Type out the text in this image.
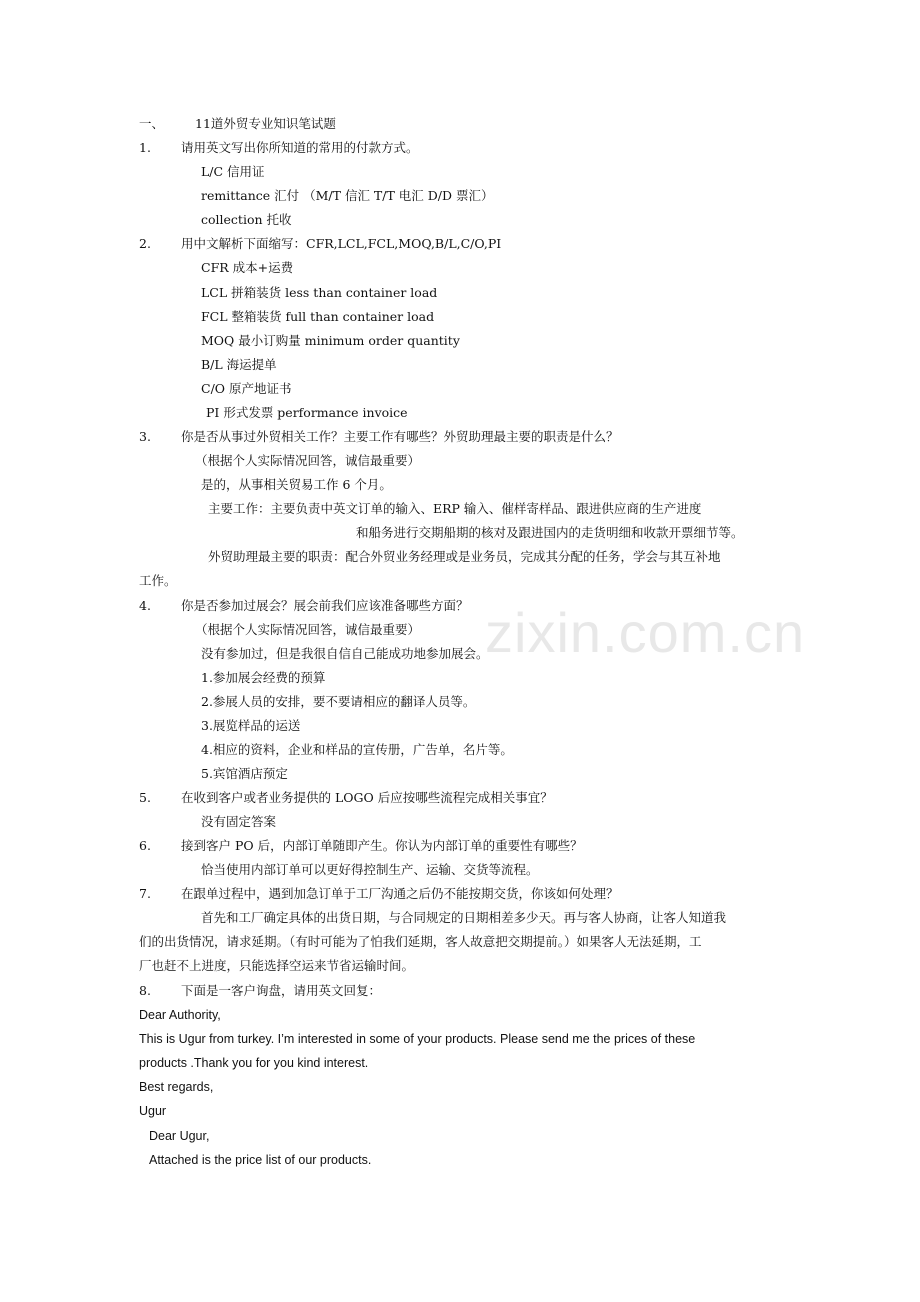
zixin.com.cn
一、 11道外贸专业知识笔试题
1. 请用英文写出你所知道的常用的付款方式。
L/C 信用证
remittance 汇付 （M/T 信汇 T/T 电汇 D/D 票汇）
collection 托收
2. 用中文解析下面缩写：CFR,LCL,FCL,MOQ,B/L,C/O,PI
CFR 成本+运费
LCL 拼箱装货 less than container load
FCL 整箱装货 full than container load
MOQ 最小订购量 minimum order quantity
B/L 海运提单
C/O 原产地证书
PI 形式发票 performance invoice
3. 你是否从事过外贸相关工作？主要工作有哪些？外贸助理最主要的职责是什么？
（根据个人实际情况回答，诚信最重要）
是的，从事相关贸易工作 6 个月。
主要工作：主要负责中英文订单的输入、ERP 输入、催样寄样品、跟进供应商的生产进度
和船务进行交期船期的核对及跟进国内的走货明细和收款开票细节等。
外贸助理最主要的职责：配合外贸业务经理或是业务员，完成其分配的任务，学会与其互补地
工作。
4. 你是否参加过展会？展会前我们应该准备哪些方面？
（根据个人实际情况回答，诚信最重要）
没有参加过，但是我很自信自己能成功地参加展会。
1.参加展会经费的预算
2.参展人员的安排，要不要请相应的翻译人员等。
3.展览样品的运送
4.相应的资料，企业和样品的宣传册，广告单，名片等。
5.宾馆酒店预定
5. 在收到客户或者业务提供的 LOGO 后应按哪些流程完成相关事宜？
没有固定答案
6. 接到客户 PO 后，内部订单随即产生。你认为内部订单的重要性有哪些？
恰当使用内部订单可以更好得控制生产、运输、交货等流程。
7. 在跟单过程中，遇到加急订单于工厂沟通之后仍不能按期交货，你该如何处理？
首先和工厂确定具体的出货日期，与合同规定的日期相差多少天。再与客人协商，让客人知道我
们的出货情况，请求延期。（有时可能为了怕我们延期，客人故意把交期提前。）如果客人无法延期，工
厂也赶不上进度，只能选择空运来节省运输时间。
8. 下面是一客户询盘，请用英文回复：
Dear Authority,
This is Ugur from turkey. I’m interested in some of your products. Please send me the prices of these
products .Thank you for you kind interest.
Best regards,
Ugur
Dear Ugur,
Attached is the price list of our products.
